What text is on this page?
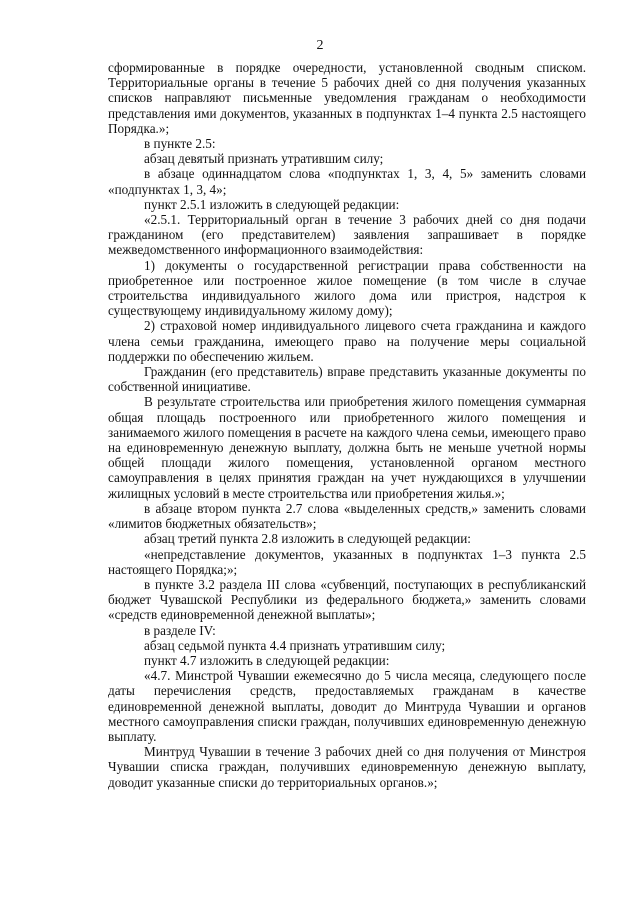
2

сформированные в порядке очередности, установленной сводным списком. Территориальные органы в течение 5 рабочих дней со дня получения указанных списков направляют письменные уведомления гражданам о необходимости представления ими документов, указанных в подпунктах 1–4 пункта 2.5 настоящего Порядка.»;

в пункте 2.5:

абзац девятый признать утратившим силу;

в абзаце одиннадцатом слова «подпунктах 1, 3, 4, 5» заменить словами «подпунктах 1, 3, 4»;

пункт 2.5.1 изложить в следующей редакции:

«2.5.1. Территориальный орган в течение 3 рабочих дней со дня подачи гражданином (его представителем) заявления запрашивает в порядке межведомственного информационного взаимодействия:

1) документы о государственной регистрации права собственности на приобретенное или построенное жилое помещение (в том числе в случае строительства индивидуального жилого дома или пристроя, надстроя к существующему индивидуальному жилому дому);

2) страховой номер индивидуального лицевого счета гражданина и каждого члена семьи гражданина, имеющего право на получение меры социальной поддержки по обеспечению жильем.

Гражданин (его представитель) вправе представить указанные документы по собственной инициативе.

В результате строительства или приобретения жилого помещения суммарная общая площадь построенного или приобретенного жилого помещения и занимаемого жилого помещения в расчете на каждого члена семьи, имеющего право на единовременную денежную выплату, должна быть не меньше учетной нормы общей площади жилого помещения, установленной органом местного самоуправления в целях принятия граждан на учет нуждающихся в улучшении жилищных условий в месте строительства или приобретения жилья.»;

в абзаце втором пункта 2.7 слова «выделенных средств,» заменить словами «лимитов бюджетных обязательств»;

абзац третий пункта 2.8 изложить в следующей редакции:

«непредставление документов, указанных в подпунктах 1–3 пункта 2.5 настоящего Порядка;»;

в пункте 3.2 раздела III слова «субвенций, поступающих в республиканский бюджет Чувашской Республики из федерального бюджета,» заменить словами «средств единовременной денежной выплаты»;

в разделе IV:

абзац седьмой пункта 4.4 признать утратившим силу;

пункт 4.7 изложить в следующей редакции:

«4.7. Минстрой Чувашии ежемесячно до 5 числа месяца, следующего после даты перечисления средств, предоставляемых гражданам в качестве единовременной денежной выплаты, доводит до Минтруда Чувашии и органов местного самоуправления списки граждан, получивших единовременную денежную выплату.

Минтруд Чувашии в течение 3 рабочих дней со дня получения от Минстроя Чувашии списка граждан, получивших единовременную денежную выплату, доводит указанные списки до территориальных органов.»;
